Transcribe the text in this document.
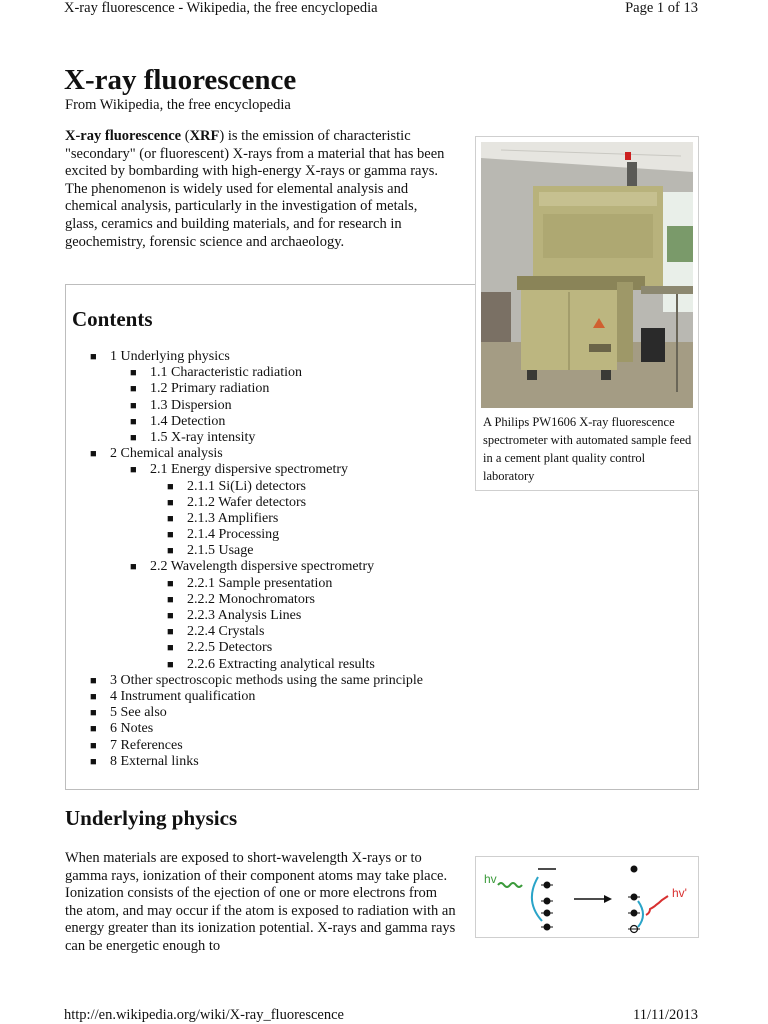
X-ray fluorescence - Wikipedia, the free encyclopedia	Page 1 of 13
X-ray fluorescence
From Wikipedia, the free encyclopedia

X-ray fluorescence (XRF) is the emission of characteristic "secondary" (or fluorescent) X-rays from a material that has been excited by bombarding with high-energy X-rays or gamma rays. The phenomenon is widely used for elemental analysis and chemical analysis, particularly in the investigation of metals, glass, ceramics and building materials, and for research in geochemistry, forensic science and archaeology.

Contents
■ 1 Underlying physics
■ 1.1 Characteristic radiation
■ 1.2 Primary radiation
■ 1.3 Dispersion
■ 1.4 Detection
■ 1.5 X-ray intensity
■ 2 Chemical analysis
■ 2.1 Energy dispersive spectrometry
■ 2.1.1 Si(Li) detectors
■ 2.1.2 Wafer detectors
■ 2.1.3 Amplifiers
■ 2.1.4 Processing
■ 2.1.5 Usage
■ 2.2 Wavelength dispersive spectrometry
■ 2.2.1 Sample presentation
■ 2.2.2 Monochromators
■ 2.2.3 Analysis Lines
■ 2.2.4 Crystals
■ 2.2.5 Detectors
■ 2.2.6 Extracting analytical results
■ 3 Other spectroscopic methods using the same principle
■ 4 Instrument qualification
■ 5 See also
■ 6 Notes
■ 7 References
■ 8 External links
A Philips PW1606 X-ray fluorescence spectrometer with automated sample feed in a cement plant quality control laboratory
Underlying physics

When materials are exposed to short-wavelength X-rays or to gamma rays, ionization of their component atoms may take place. Ionization consists of the ejection of one or more electrons from the atom, and may occur if the atom is exposed to radiation with an energy greater than its ionization potential. X-rays and gamma rays can be energetic enough to

hv
hv'
http://en.wikipedia.org/wiki/X-ray_fluorescence	11/11/2013
